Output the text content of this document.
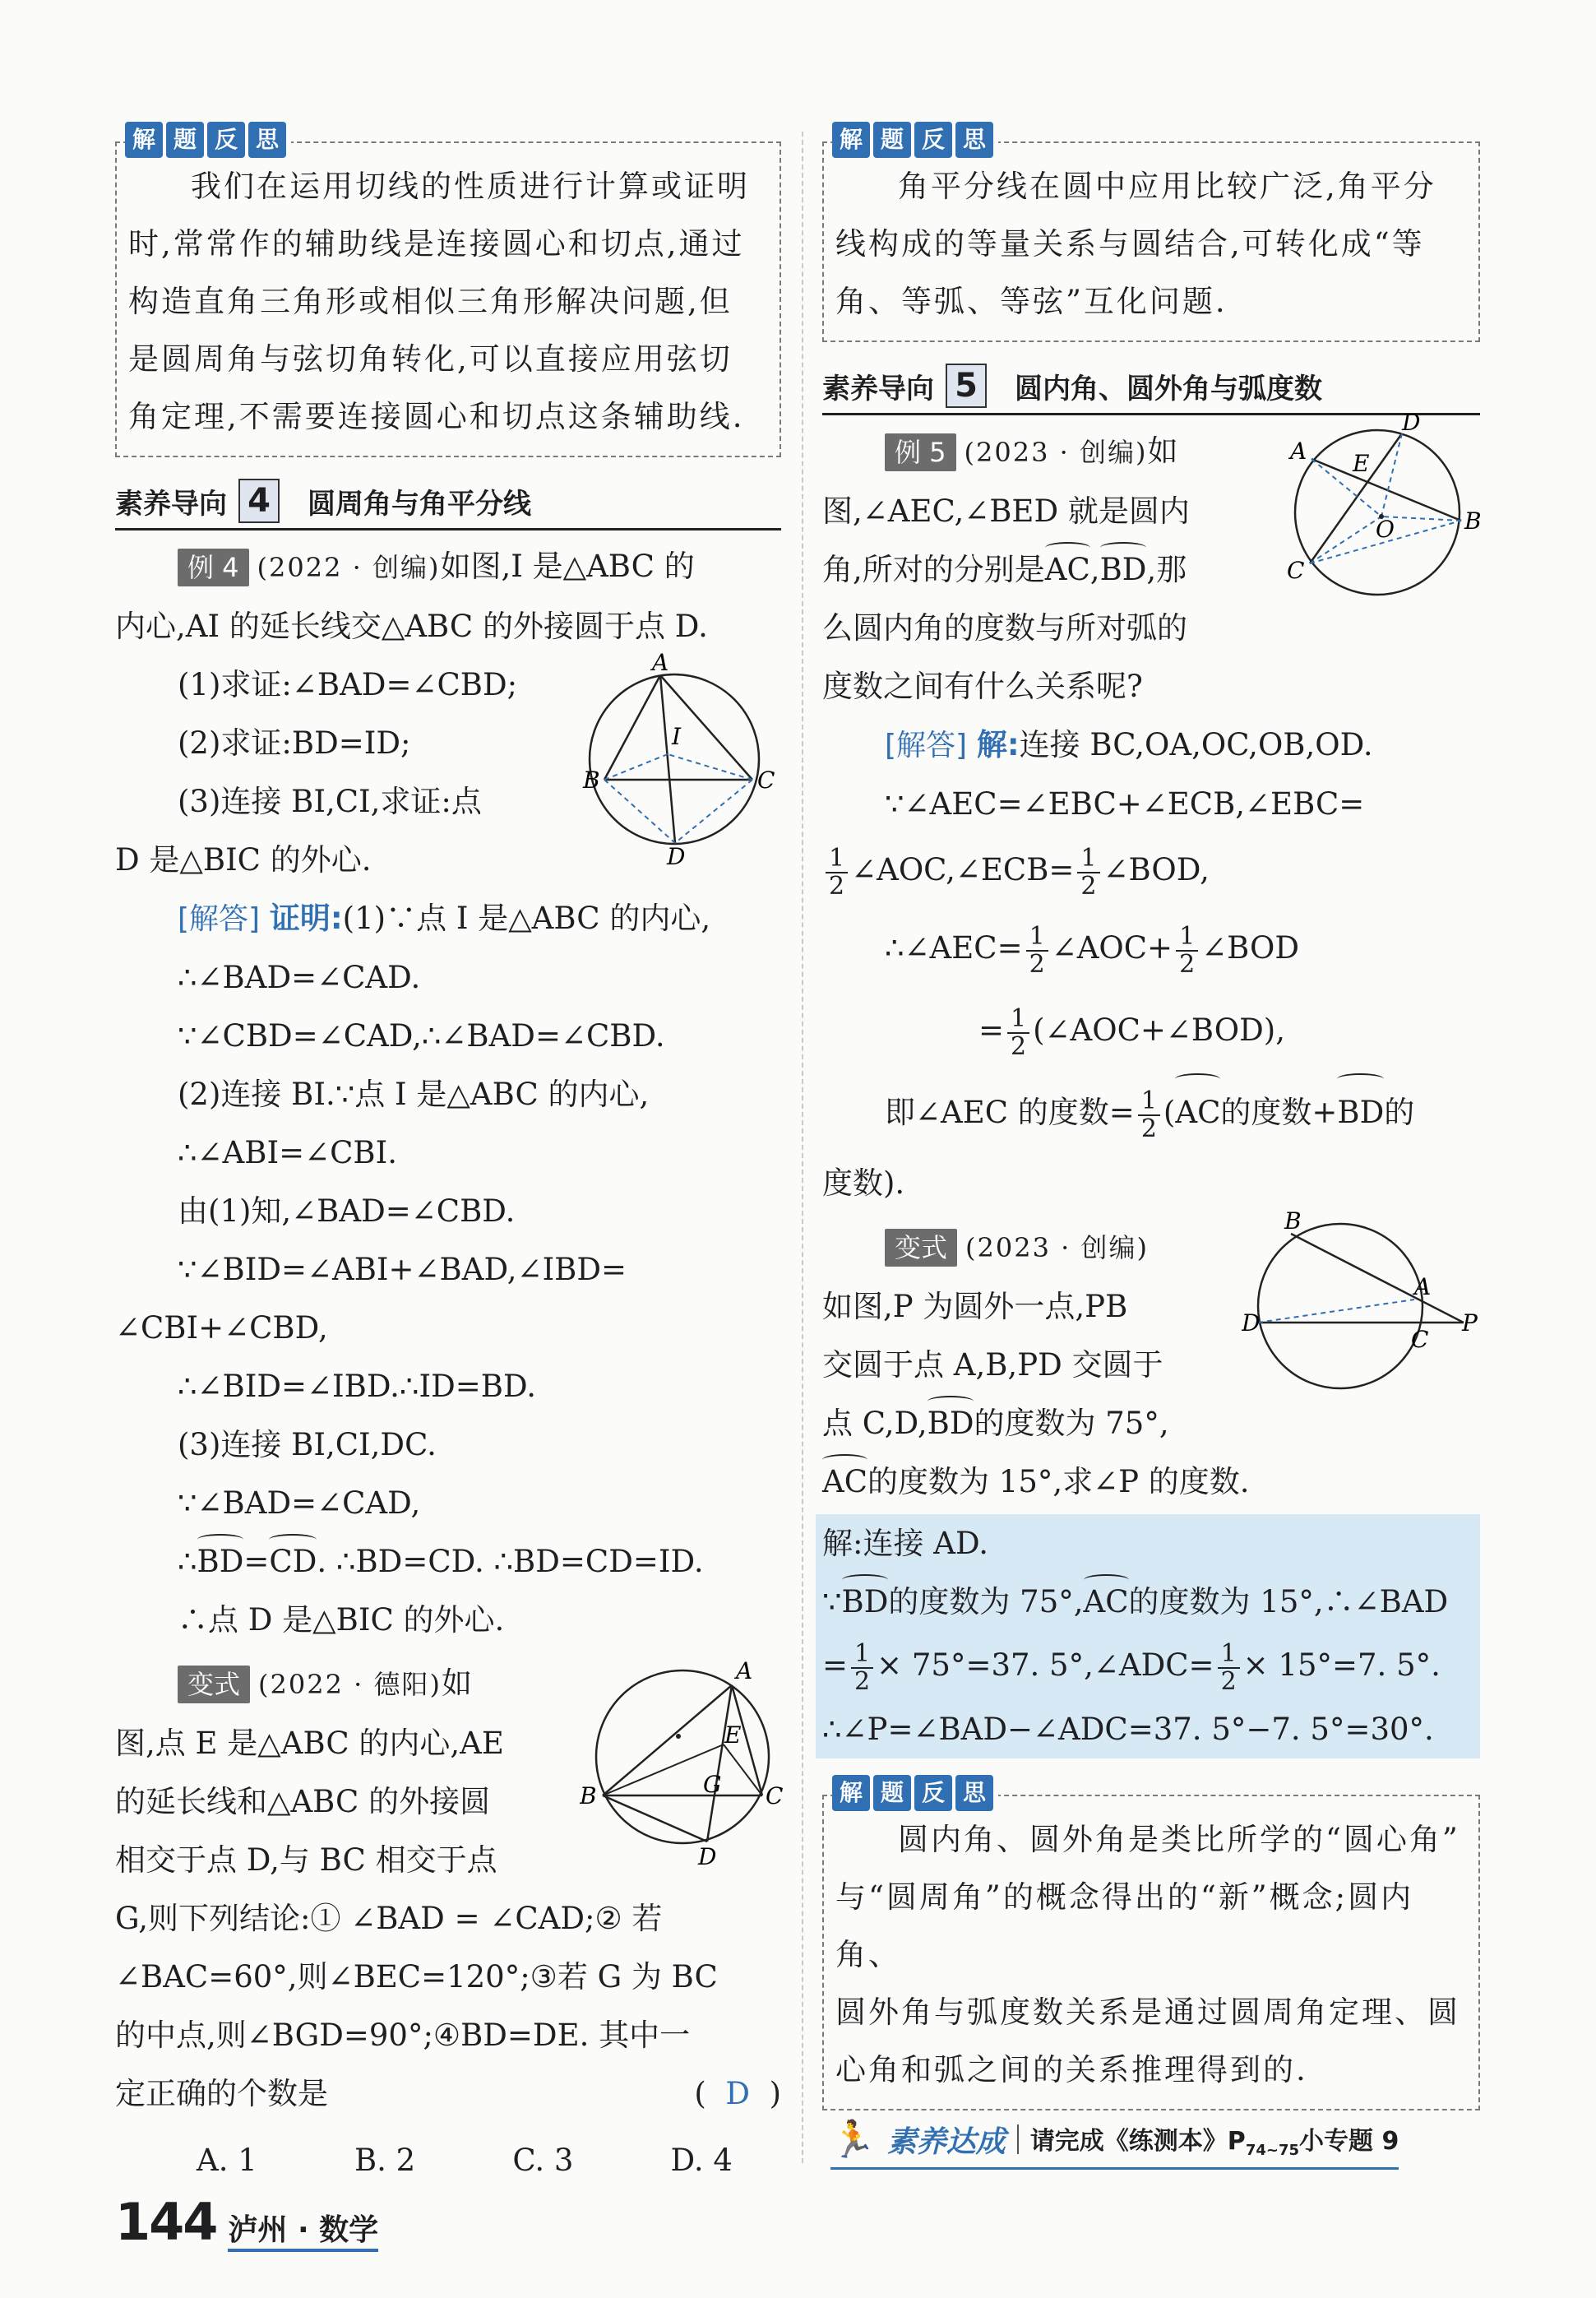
解 题 反 思
我们在运用切线的性质进行计算或证明
时,常常作的辅助线是连接圆心和切点,通过
构造直角三角形或相似三角形解决问题,但
是圆周角与弦切角转化,可以直接应用弦切
角定理,不需要连接圆心和切点这条辅助线.
素养导向 4	圆周角与角平分线
例 4 (2022 · 创编)如图,I 是△ABC 的
内心,AI 的延长线交△ABC 的外接圆于点 D.
(1)求证:∠BAD=∠CBD;
(2)求证:BD=ID;
(3)连接 BI,CI,求证:点
D 是△BIC 的外心.
A
B	C
D
I
[解答] 证明:(1)∵点 I 是△ABC 的内心,
∴∠BAD=∠CAD.
∵∠CBD=∠CAD,∴∠BAD=∠CBD.
(2)连接 BI.∵点 I 是△ABC 的内心,
∴∠ABI=∠CBI.
由(1)知,∠BAD=∠CBD.
∵∠BID=∠ABI+∠BAD,∠IBD=
∠CBI+∠CBD,
∴∠BID=∠IBD.∴ID=BD.
(3)连接 BI,CI,DC.
∵∠BAD=∠CAD,
∴BD=CD. ∴BD=CD. ∴BD=CD=ID.
∴点 D 是△BIC 的外心.
变式 (2022 · 德阳)如
图,点 E 是△ABC 的内心,AE
的延长线和△ABC 的外接圆
相交于点 D,与 BC 相交于点
A
B	C
D
E
G
G,则下列结论:① ∠BAD = ∠CAD;② 若
∠BAC=60°,则∠BEC=120°;③若 G 为 BC
的中点,则∠BGD=90°;④BD=DE. 其中一
定正确的个数是	( D )
A. 1	B. 2	C. 3	D. 4
解 题 反 思
角平分线在圆中应用比较广泛,角平分
线构成的等量关系与圆结合,可转化成“等
角、等弧、等弦”互化问题.
素养导向 5	圆内角、圆外角与弧度数
例 5 (2023 · 创编)如
图,∠AEC,∠BED 就是圆内
角,所对的分别是AC,BD,那
么圆内角的度数与所对弧的
度数之间有什么关系呢?
A
B
C
D
E
O
[解答] 解:连接 BC,OA,OC,OB,OD.
∵∠AEC=∠EBC+∠ECB,∠EBC=
$\frac{1}{2}$ ∠AOC,∠ECB= $\frac{1}{2}$ ∠BOD,
∴∠AEC= $\frac{1}{2}$ ∠AOC+ $\frac{1}{2}$ ∠BOD
= $\frac{1}{2}$ (∠AOC+∠BOD),
即∠AEC 的度数= $\frac{1}{2} (AC$的度数+BD的
度数).
变式 (2023 · 创编)
如图,P 为圆外一点,PB
交圆于点 A,B,PD 交圆于
点 C,D,BD的度数为 75°,
AC的度数为 15°,求∠P 的度数.
B
A
D
C
P
解:连接 AD.
∵BD的度数为 75°,AC的度数为 15°,∴∠BAD
= $\frac{1}{2} \times 75^\circ=37$. 5°,∠ADC= $\frac{1}{2} \times 15^\circ=7$. 5°.
∴∠P=∠BAD−∠ADC=37. 5°−7. 5°=30°.
解 题 反 思
圆内角、圆外角是类比所学的“圆心角”
与“圆周角”的概念得出的“新”概念;圆内角、
圆外角与弧度数关系是通过圆周角定理、圆
心角和弧之间的关系推理得到的.
🏃 素养达成 请完成《练测本》$P_{74\sim 75}$小专题 9
144 泸州 · 数学
